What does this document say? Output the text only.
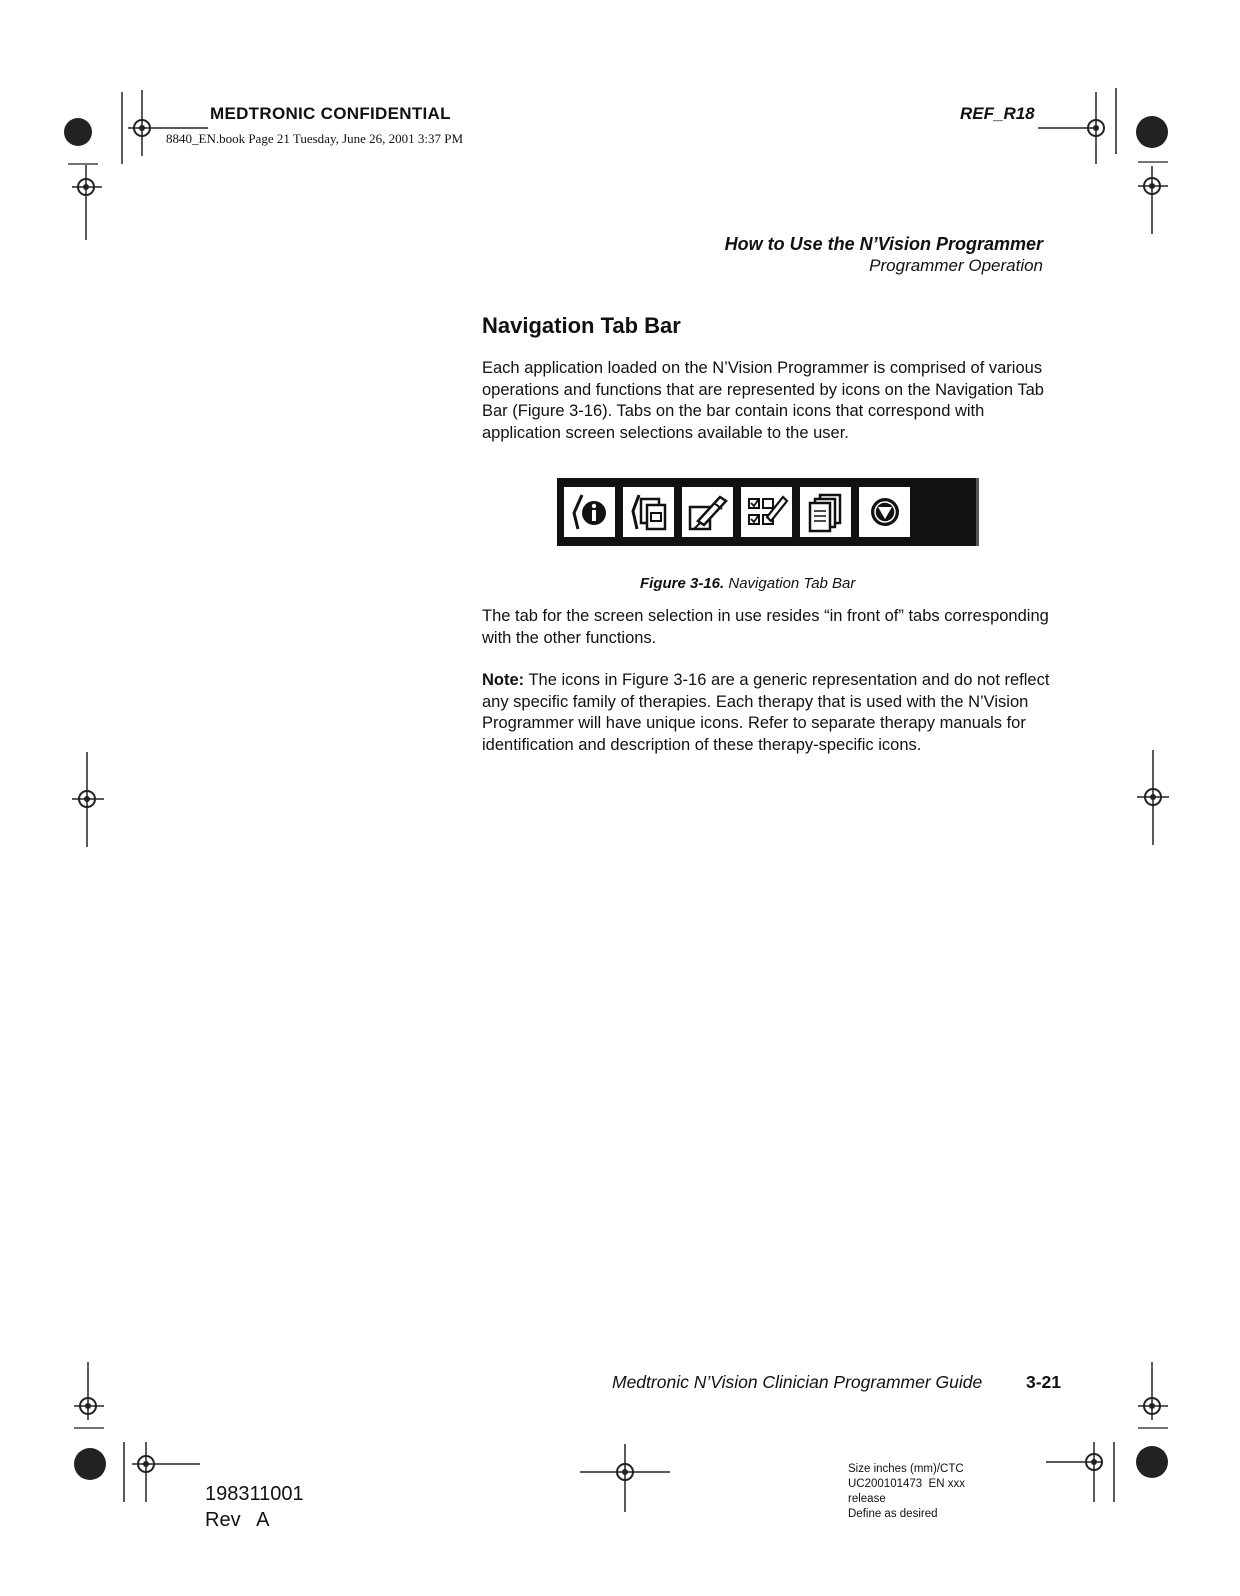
MEDTRONIC CONFIDENTIAL
8840_EN.book Page 21 Tuesday, June 26, 2001 3:37 PM
REF_R18
How to Use the N’Vision Programmer
Programmer Operation
Navigation Tab Bar

Each application loaded on the N’Vision Programmer is comprised of various operations and functions that are represented by icons on the Navigation Tab Bar (Figure 3-16). Tabs on the bar contain icons that correspond with application screen selections available to the user.

Figure 3-16. Navigation Tab Bar

The tab for the screen selection in use resides “in front of” tabs corresponding with the other functions.

Note: The icons in Figure 3-16 are a generic representation and do not reflect any specific family of therapies. Each therapy that is used with the N’Vision Programmer will have unique icons. Refer to separate therapy manuals for identification and description of these therapy-specific icons.

Medtronic N’Vision Clinician Programmer Guide	3-21
198311001
Rev   A
Size inches (mm)/CTC
UC200101473  EN xxx
release
Define as desired
